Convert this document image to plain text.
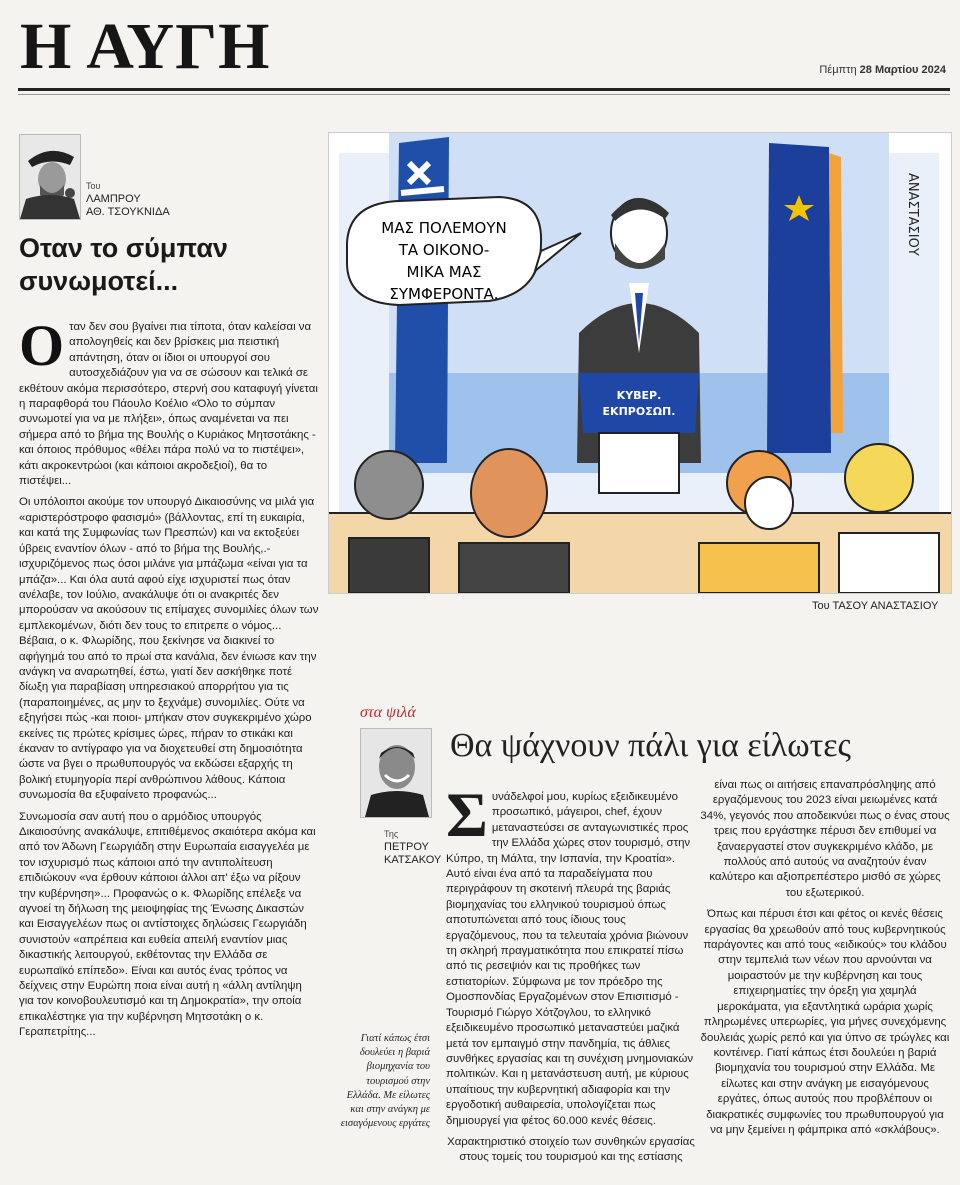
Η ΑΥΓΗ	Πέμπτη 28 Μαρτίου 2024
Του
ΛΑΜΠΡΟΥ
ΑΘ. ΤΣΟΥΚΝΙΔΑ
Οταν το σύμπαν συνωμοτεί...

Οταν δεν σου βγαίνει πια τίποτα, όταν καλείσαι να απολογηθείς και δεν βρίσκεις μια πειστική απάντηση, όταν οι ίδιοι οι υπουργοί σου αυτοσχεδιάζουν για να σε σώσουν και τελικά σε εκθέτουν ακόμα περισσότερο, στερνή σου καταφυγή γίνεται η παραφθορά του Πάουλο Κοέλιο «Όλο το σύμπαν συνωμοτεί για να με πλήξει», όπως αναμένεται να πει σήμερα από το βήμα της Βουλής ο Κυριάκος Μητσοτάκης - και όποιος πρόθυμος «θέλει πάρα πολύ να το πιστέψει», κάτι ακροκεντρώοι (και κάποιοι ακροδεξιοί), θα το πιστέψει...

Οι υπόλοιποι ακούμε τον υπουργό Δικαιοσύνης να μιλά για «αριστερόστροφο φασισμό» (βάλλοντας, επί τη ευκαιρία, και κατά της Συμφωνίας των Πρεσπών) και να εκτοξεύει ύβρεις εναντίον όλων - από το βήμα της Βουλής,.- ισχυριζόμενος πως όσοι μιλάνε για μπάζωμα «είναι για τα μπάζα»... Και όλα αυτά αφού είχε ισχυριστεί πως όταν ανέλαβε, τον Ιούλιο, ανακάλυψε ότι οι ανακριτές δεν μπορούσαν να ακούσουν τις επίμαχες συνομιλίες όλων των εμπλεκομένων, διότι δεν τους το επιτρεπε ο νόμος... Βέβαια, ο κ. Φλωρίδης, που ξεκίνησε να διακινεί το αφήγημά του από το πρωί στα κανάλια, δεν ένιωσε καν την ανάγκη να αναρωτηθεί, έστω, γιατί δεν ασκήθηκε ποτέ δίωξη για παραβίαση υπηρεσιακού απορρήτου για τις (παραποιημένες, ας μην το ξεχνάμε) συνομιλίες. Ούτε να εξηγήσει πώς -και ποιοι- μπήκαν στον συγκεκριμένο χώρο εκείνες τις πρώτες κρίσιμες ώρες, πήραν το στικάκι και έκαναν το αντίγραφο για να διοχετευθεί στη δημοσιότητα ώστε να βγει ο πρωθυπουργός να εκδώσει εξαρχής τη βολική ετυμηγορία περί ανθρώπινου λάθους. Κάποια συνωμοσία θα εξυφαίνετο προφανώς...

Συνωμοσία σαν αυτή που ο αρμόδιος υπουργός Δικαιοσύνης ανακάλυψε, επιτιθέμενος σκαιότερα ακόμα και από τον Άδωνη Γεωργιάδη στην Ευρωπαία εισαγγελέα με τον ισχυρισμό πως κάποιοι από την αντιπολίτευση επιδιώκουν «να έρθουν κάποιοι άλλοι απ' έξω να ρίξουν την κυβέρνηση»... Προφανώς ο κ. Φλωρίδης επέλεξε να αγνοεί τη δήλωση της μειοψηφίας της Ένωσης Δικαστών και Εισαγγελέων πως οι αντίστοιχες δηλώσεις Γεωργιάδη συνιστούν «απρέπεια και ευθεία απειλή εναντίον μιας δικαστικής λειτουργού, εκθέτοντας την Ελλάδα σε ευρωπαϊκό επίπεδο». Είναι και αυτός ένας τρόπος να δείχνεις στην Ευρώπη ποια είναι αυτή η «άλλη αντίληψη για τον κοινοβουλευτισμό και τη Δημοκρατία», την οποία επικαλέστηκε για την κυβέρνηση Μητσοτάκη ο κ. Γεραπετρίτης...

ΚΥΒΕΡ.
ΕΚΠΡΟΣΩΠ.
ΜΑΣ ΠΟΛΕΜΟΥΝ
ΤΑ ΟΙΚΟΝΟ-
ΜΙΚΑ ΜΑΣ
ΣΥΜΦΕΡΟΝΤΑ.
ΑΝΑΣΤΑΣΙΟΥ
Του ΤΑΣΟΥ ΑΝΑΣΤΑΣΙΟΥ
στα ψιλά
Της
ΠΕΤΡΟΥ
ΚΑΤΣΑΚΟΥ
Θα ψάχνουν πάλι για είλωτες
Γιατί κάπως έτσι δουλεύει η βαριά βιομηχανία του τουρισμού στην Ελλάδα. Με είλωτες και στην ανάγκη με εισαγόμενους εργάτες

Συνάδελφοί μου, κυρίως εξειδικευμένο προσωπικό, μάγειροι, chef, έχουν μεταναστεύσει σε ανταγωνιστικές προς την Ελλάδα χώρες στον τουρισμό, στην Κύπρο, τη Μάλτα, την Ισπανία, την Κροατία». Αυτό είναι ένα από τα παραδείγματα που περιγράφουν τη σκοτεινή πλευρά της βαριάς βιομηχανίας του ελληνικού τουρισμού όπως αποτυπώνεται από τους ίδιους τους εργαζόμενους, που τα τελευταία χρόνια βιώνουν τη σκληρή πραγματικότητα που επικρατεί πίσω από τις ρεσεψιόν και τις προθήκες των εστιατορίων. Σύμφωνα με τον πρόεδρο της Ομοσπονδίας Εργαζομένων στον Επισιτισμό - Τουρισμό Γιώργο Χότζογλου, το ελληνικό εξειδικευμένο προσωπικό μεταναστεύει μαζικά μετά τον εμπαιγμό στην πανδημία, τις άθλιες συνθήκες εργασίας και τη συνέχιση μνημονιακών πολιτικών. Και η μετανάστευση αυτή, με κύριους υπαίτιους την κυβερνητική αδιαφορία και την εργοδοτική αυθαιρεσία, υπολογίζεται πως δημιουργεί για φέτος 60.000 κενές θέσεις.

Χαρακτηριστικό στοιχείο των συνθηκών εργασίας στους τομείς του τουρισμού και της εστίασης

είναι πως οι αιτήσεις επαναπρόσληψης από εργαζόμενους του 2023 είναι μειωμένες κατά 34%, γεγονός που αποδεικνύει πως ο ένας στους τρεις που εργάστηκε πέρυσι δεν επιθυμεί να ξαναεργαστεί στον συγκεκριμένο κλάδο, με πολλούς από αυτούς να αναζητούν έναν καλύτερο και αξιοπρεπέστερο μισθό σε χώρες του εξωτερικού.

Όπως και πέρυσι έτσι και φέτος οι κενές θέσεις εργασίας θα χρεωθούν από τους κυβερνητικούς παράγοντες και από τους «ειδικούς» του κλάδου στην τεμπελιά των νέων που αρνούνται να μοιραστούν με την κυβέρνηση και τους επιχειρηματίες την όρεξη για χαμηλά μεροκάματα, για εξαντλητικά ωράρια χωρίς πληρωμένες υπερωρίες, για μήνες συνεχόμενης δουλειάς χωρίς ρεπό και για ύπνο σε τρώγλες και κοντέινερ. Γιατί κάπως έτσι δουλεύει η βαριά βιομηχανία του τουρισμού στην Ελλάδα. Με είλωτες και στην ανάγκη με εισαγόμενους εργάτες, όπως αυτούς που προβλέπουν οι διακρατικές συμφωνίες του πρωθυπουργού για να μην ξεμείνει η φάμπρικα από «σκλάβους».
